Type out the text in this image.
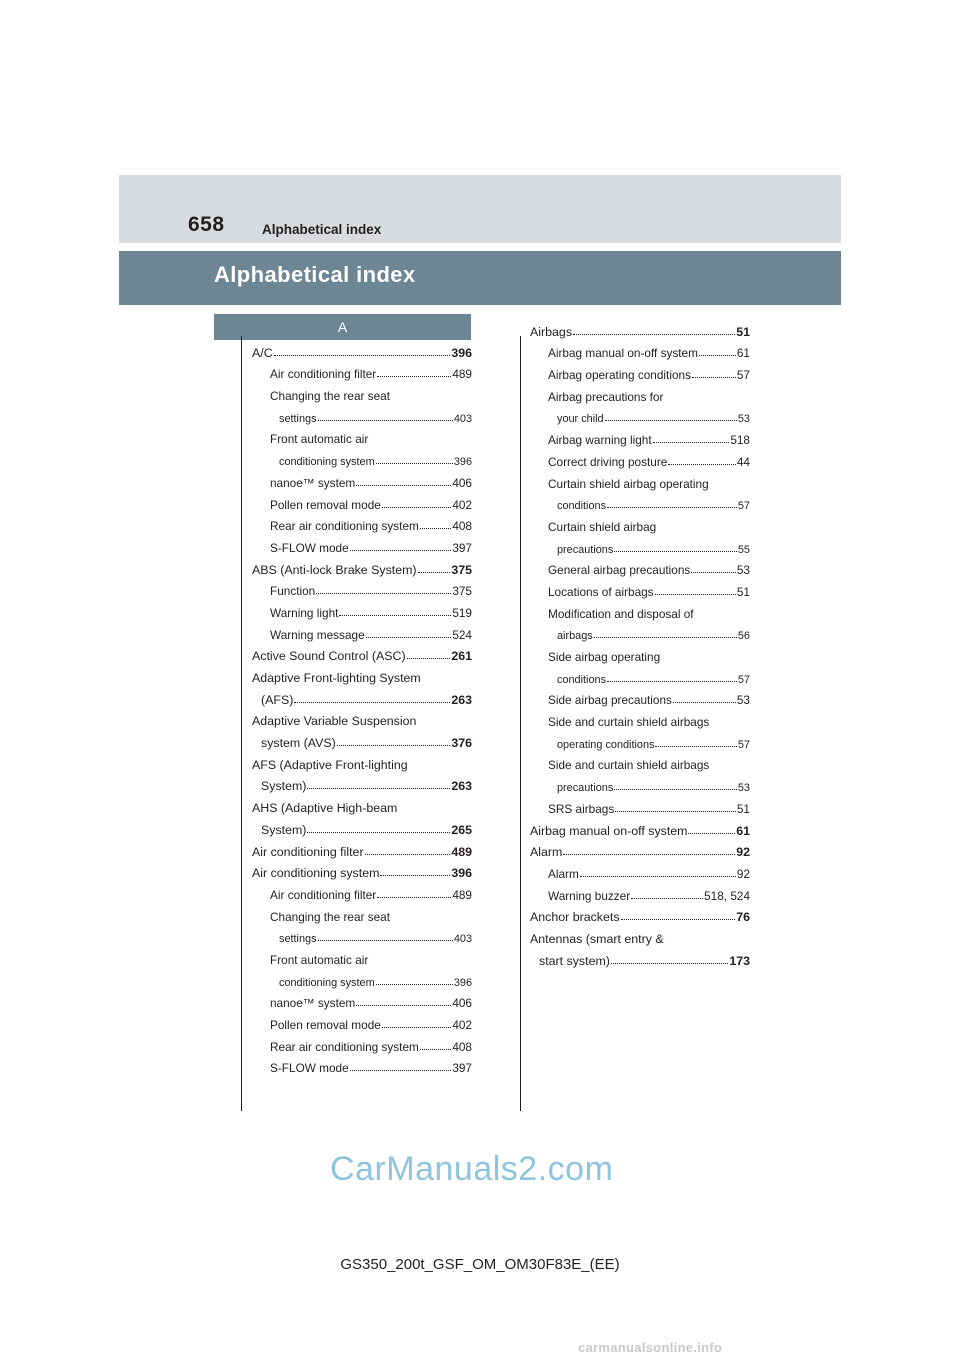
658	Alphabetical index
Alphabetical index
A
A/C	396
Air conditioning filter	489
Changing the rear seat
settings	403
Front automatic air
conditioning system	396
nanoe™ system	406
Pollen removal mode	402
Rear air conditioning system	408
S-FLOW mode	397
ABS (Anti-lock Brake System)	375
Function	375
Warning light	519
Warning message	524
Active Sound Control (ASC)	261
Adaptive Front-lighting System
(AFS)	263
Adaptive Variable Suspension
system (AVS)	376
AFS (Adaptive Front-lighting
System)	263
AHS (Adaptive High-beam
System)	265
Air conditioning filter	489
Air conditioning system	396
Air conditioning filter	489
Changing the rear seat
settings	403
Front automatic air
conditioning system	396
nanoe™ system	406
Pollen removal mode	402
Rear air conditioning system	408
S-FLOW mode	397
Airbags	51
Airbag manual on-off system	61
Airbag operating conditions	57
Airbag precautions for
your child	53
Airbag warning light	518
Correct driving posture	44
Curtain shield airbag operating
conditions	57
Curtain shield airbag
precautions	55
General airbag precautions	53
Locations of airbags	51
Modification and disposal of
airbags	56
Side airbag operating
conditions	57
Side airbag precautions	53
Side and curtain shield airbags
operating conditions	57
Side and curtain shield airbags
precautions	53
SRS airbags	51
Airbag manual on-off system	61
Alarm	92
Alarm	92
Warning buzzer	518, 524
Anchor brackets	76
Antennas (smart entry &
start system)	173
CarManuals2.com
GS350_200t_GSF_OM_OM30F83E_(EE)
carmanualsonline.info
